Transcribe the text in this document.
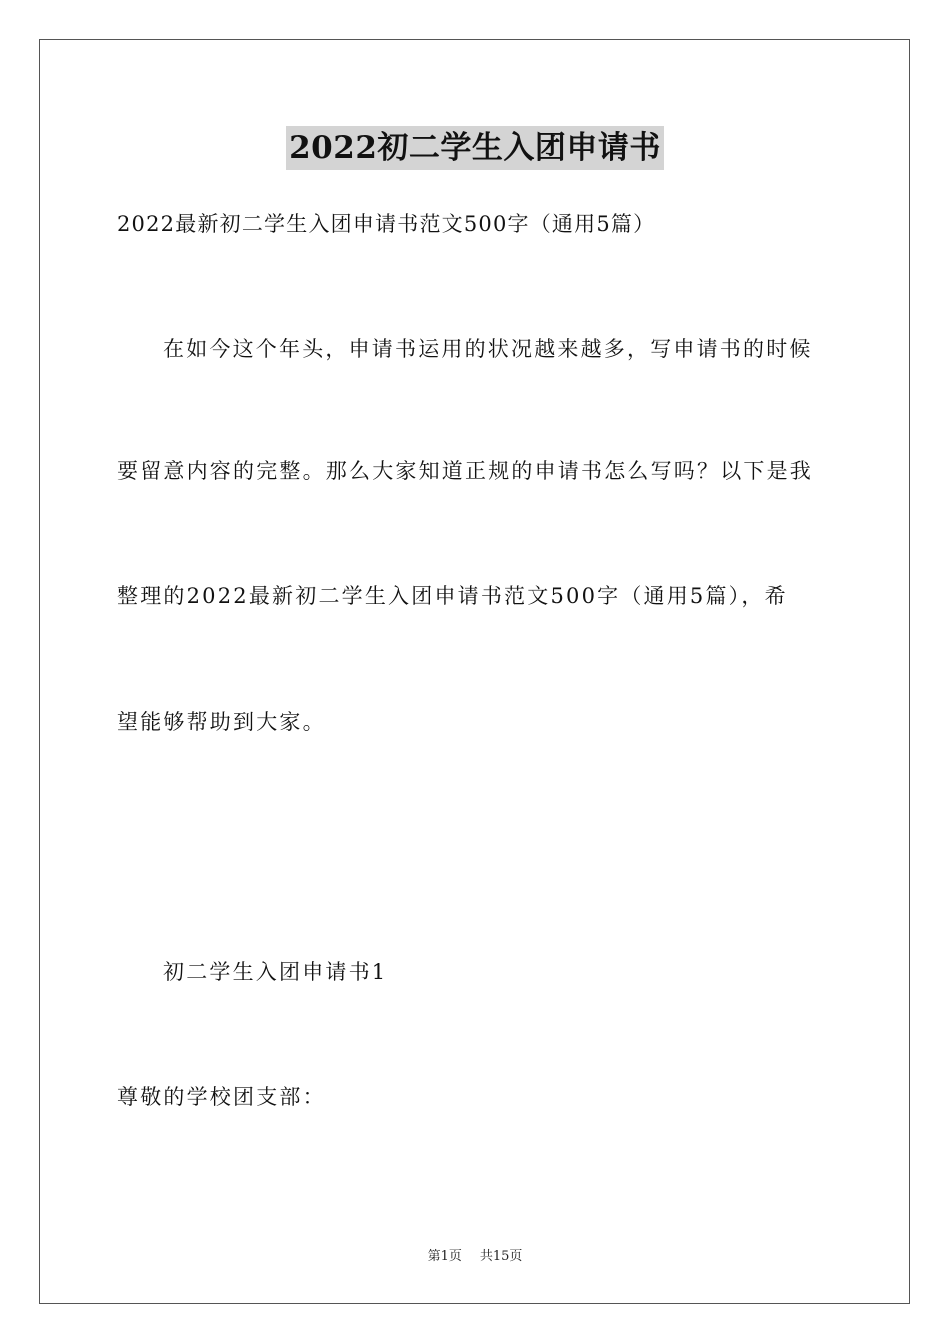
2022初二学生入团申请书
2022最新初二学生入团申请书范文500字（通用5篇）
在如今这个年头，申请书运用的状况越来越多，写申请书的时候
要留意内容的完整。那么大家知道正规的申请书怎么写吗？以下是我
整理的2022最新初二学生入团申请书范文500字（通用5篇），希
望能够帮助到大家。
初二学生入团申请书1
尊敬的学校团支部：
第1页 共15页
